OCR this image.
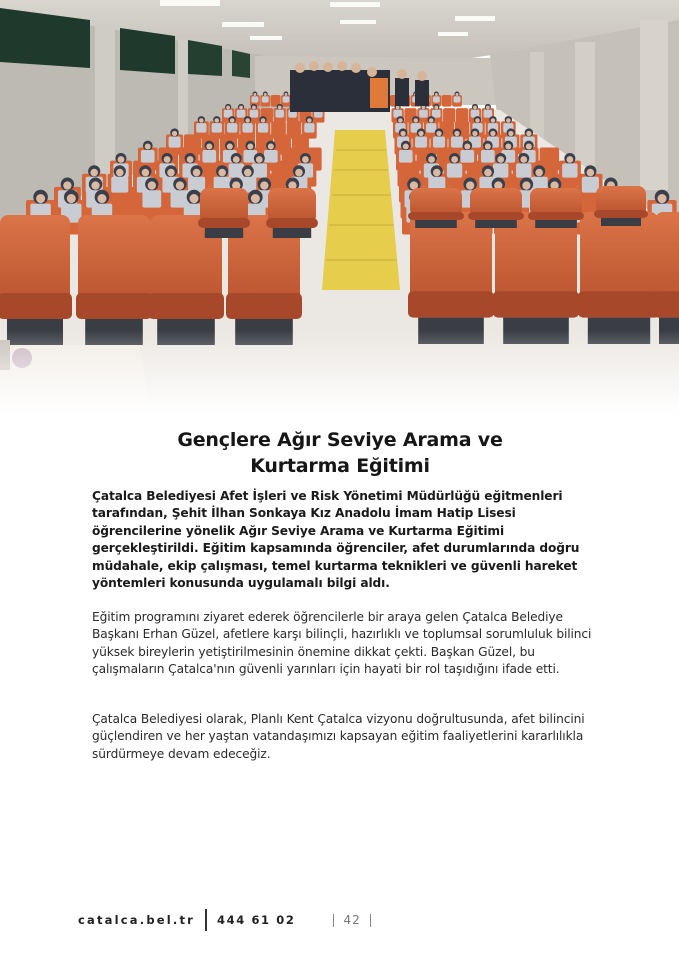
Gençlere Ağır Seviye Arama ve
Kurtarma Eğitimi

Çatalca Belediyesi Afet İşleri ve Risk Yönetimi Müdürlüğü eğitmenleri tarafından, Şehit İlhan Sonkaya Kız Anadolu İmam Hatip Lisesi öğrencilerine yönelik Ağır Seviye Arama ve Kurtarma Eğitimi gerçekleştirildi. Eğitim kapsamında öğrenciler, afet durumlarında doğru müdahale, ekip çalışması, temel kurtarma teknikleri ve güvenli hareket yöntemleri konusunda uygulamalı bilgi aldı.

Eğitim programını ziyaret ederek öğrencilerle bir araya gelen Çatalca Belediye Başkanı Erhan Güzel, afetlere karşı bilinçli, hazırlıklı ve toplumsal sorumluluk bilinci yüksek bireylerin yetiştirilmesinin önemine dikkat çekti. Başkan Güzel, bu çalışmaların Çatalca'nın güvenli yarınları için hayati bir rol taşıdığını ifade etti.

Çatalca Belediyesi olarak, Planlı Kent Çatalca vizyonu doğrultusunda, afet bilincini güçlendiren ve her yaştan vatandaşımızı kapsayan eğitim faaliyetlerini kararlılıkla sürdürmeye devam edeceğiz.

catalca.bel.tr 444 61 02	42
